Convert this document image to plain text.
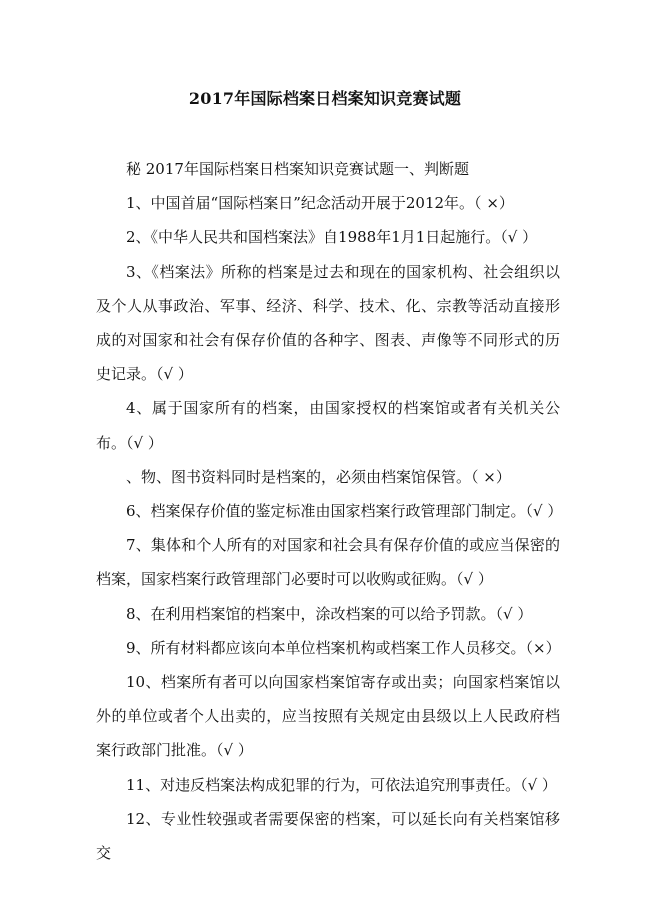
2017年国际档案日档案知识竞赛试题

秘 2017年国际档案日档案知识竞赛试题一、判断题

1、中国首届“国际档案日”纪念活动开展于2012年。（ ×）

2、《中华人民共和国档案法》自1988年1月1日起施行。（√ ）

3、《档案法》所称的档案是过去和现在的国家机构、社会组织以及个人从事政治、军事、经济、科学、技术、化、宗教等活动直接形成的对国家和社会有保存价值的各种字、图表、声像等不同形式的历史记录。（√ ）

4、属于国家所有的档案，由国家授权的档案馆或者有关机关公布。（√ ）

、物、图书资料同时是档案的，必须由档案馆保管。（ ×）

6、档案保存价值的鉴定标准由国家档案行政管理部门制定。（√ ）

7、集体和个人所有的对国家和社会具有保存价值的或应当保密的档案，国家档案行政管理部门必要时可以收购或征购。（√ ）

8、在利用档案馆的档案中，涂改档案的可以给予罚款。（√ ）

9、所有材料都应该向本单位档案机构或档案工作人员移交。（×）

10、档案所有者可以向国家档案馆寄存或出卖；向国家档案馆以外的单位或者个人出卖的，应当按照有关规定由县级以上人民政府档案行政部门批准。（√ ）

11、对违反档案法构成犯罪的行为，可依法追究刑事责任。（√ ）

12、专业性较强或者需要保密的档案，可以延长向有关档案馆移交
